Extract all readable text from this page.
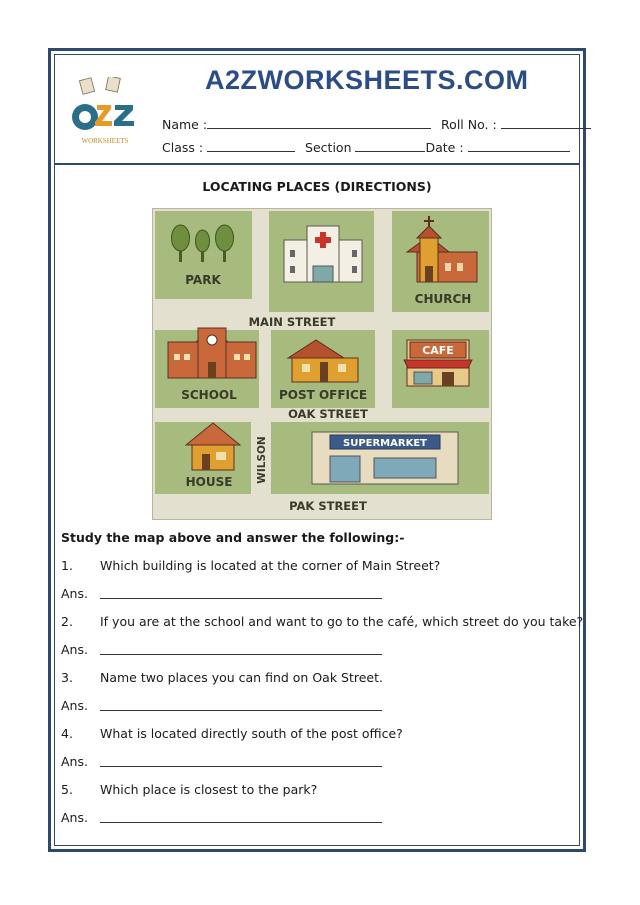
WORKSHEETS
A2ZWORKSHEETS.COM
Name :	Roll No. :
Class :	Section	Date :
LOCATING PLACES (DIRECTIONS)
PARK
CHURCH
MAIN STREET
SCHOOL	POST OFFICE
CAFE
OAK STREET
HOUSE WILSON	SUPERMARKET
PAK STREET
Study the map above and answer the following:-
1. Which building is located at the corner of Main Street?
Ans.
2. If you are at the school and want to go to the café, which street do you take?
Ans.
3. Name two places you can find on Oak Street.
Ans.
4. What is located directly south of the post office?
Ans.
5. Which place is closest to the park?
Ans.
